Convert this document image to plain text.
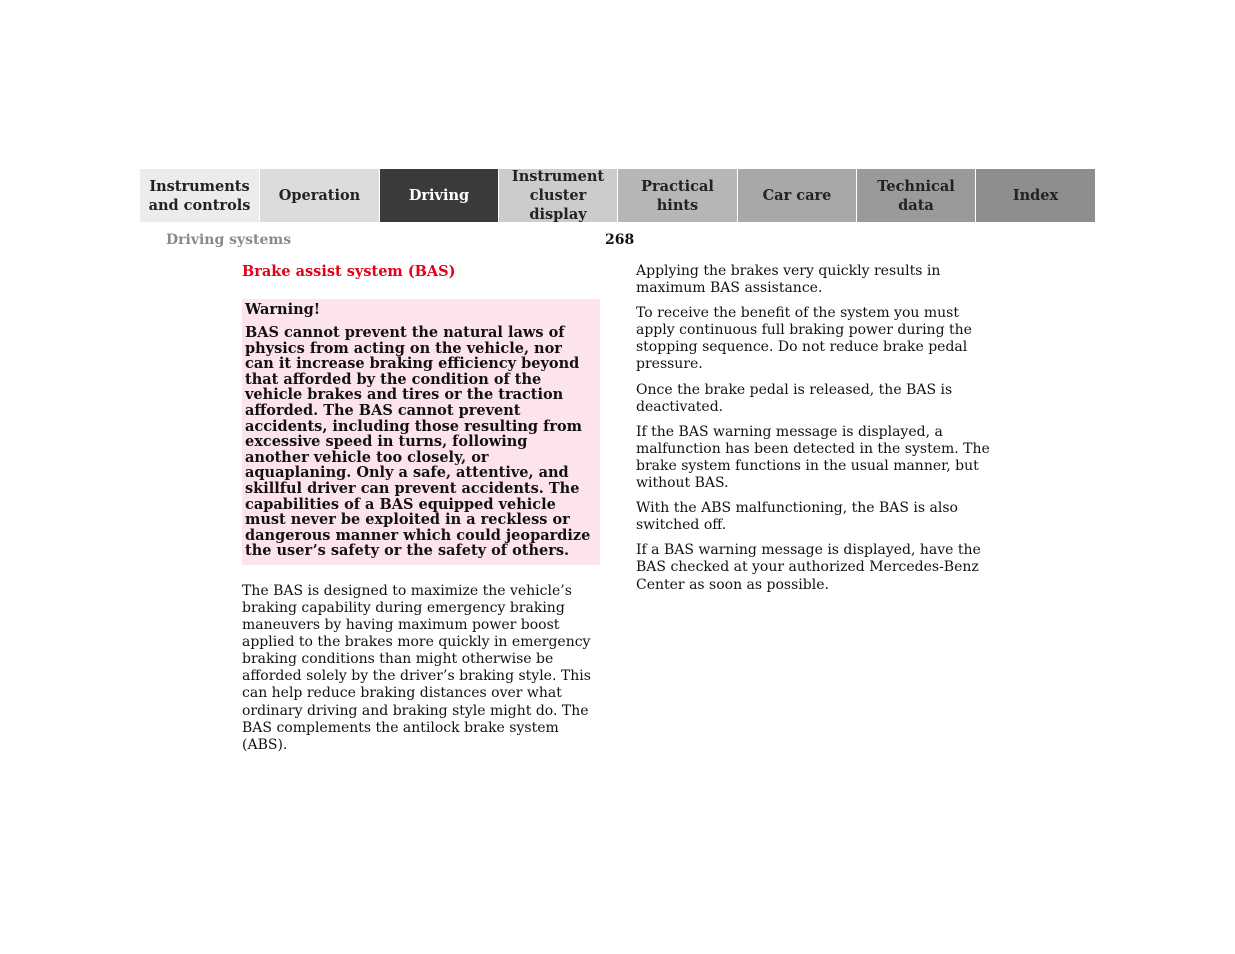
Instruments
and controls
Operation	Driving
Instrument
cluster display
Practical hints
Car care
Technical
data
Index
Driving systems	268
Brake assist system (BAS)

Warning!

BAS cannot prevent the natural laws of physics from acting on the vehicle, nor can it increase braking efficiency beyond that afforded by the condition of the vehicle brakes and tires or the traction afforded. The BAS cannot prevent accidents, including those resulting from excessive speed in turns, following another vehicle too closely, or aquaplaning. Only a safe, attentive, and skillful driver can prevent accidents. The capabilities of a BAS equipped vehicle must never be exploited in a reckless or dangerous manner which could jeopardize the user’s safety or the safety of others.

The BAS is designed to maximize the vehicle’s braking capability during emergency braking maneuvers by having maximum power boost applied to the brakes more quickly in emergency braking conditions than might otherwise be afforded solely by the driver’s braking style. This can help reduce braking distances over what ordinary driving and braking style might do. The BAS complements the antilock brake system (ABS).

Applying the brakes very quickly results in maximum BAS assistance.

To receive the benefit of the system you must apply continuous full braking power during the stopping sequence. Do not reduce brake pedal pressure.

Once the brake pedal is released, the BAS is deactivated.

If the BAS warning message is displayed, a malfunction has been detected in the system. The brake system functions in the usual manner, but without BAS.

With the ABS malfunctioning, the BAS is also switched off.

If a BAS warning message is displayed, have the BAS checked at your authorized Mercedes-Benz Center as soon as possible.
